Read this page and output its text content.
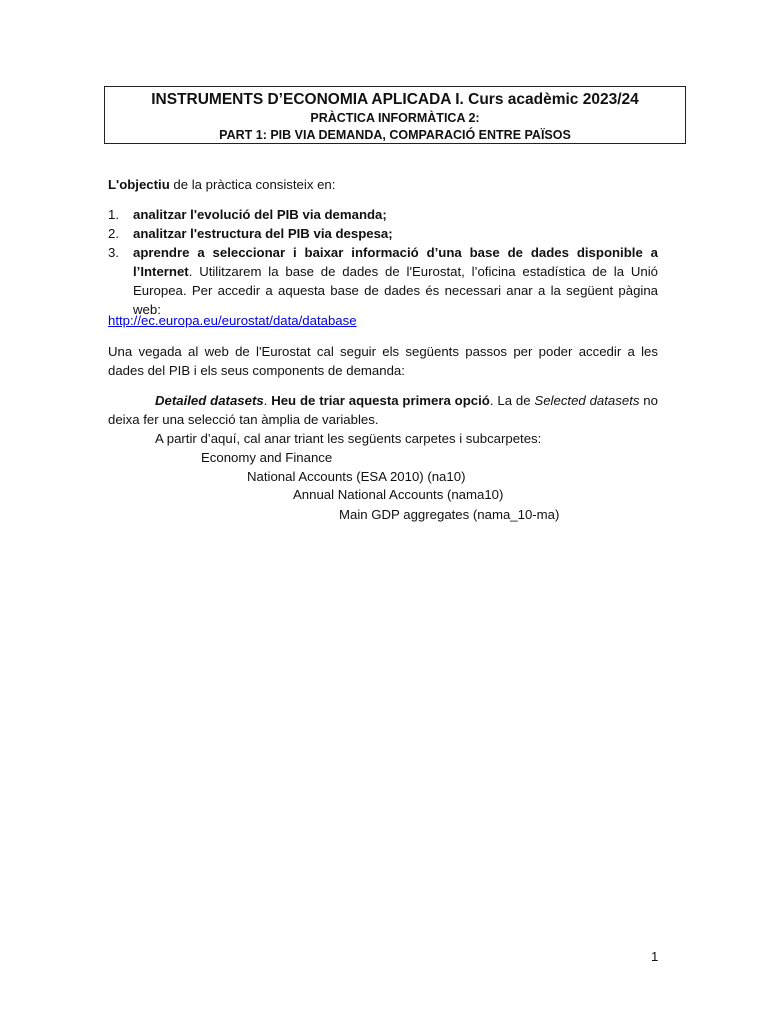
INSTRUMENTS D’ECONOMIA APLICADA I. Curs acadèmic 2023/24
PRÀCTICA INFORMÀTICA 2:
PART 1: PIB VIA DEMANDA, COMPARACIÓ ENTRE PAÏSOS
L'objectiu de la pràctica consisteix en:
1. analitzar l'evolució del PIB via demanda;
2. analitzar l'estructura del PIB via despesa;
3. aprendre a seleccionar i baixar informació d’una base de dades disponible a l’Internet. Utilitzarem la base de dades de l'Eurostat, l’oficina estadística de la Unió Europea. Per accedir a aquesta base de dades és necessari anar a la següent pàgina web:
http://ec.europa.eu/eurostat/data/database
Una vegada al web de l'Eurostat cal seguir els següents passos per poder accedir a les dades del PIB i els seus components de demanda:
Detailed datasets. Heu de triar aquesta primera opció. La de Selected datasets no deixa fer una selecció tan àmplia de variables.
A partir d’aquí, cal anar triant les següents carpetes i subcarpetes:
Economy and Finance
National Accounts (ESA 2010) (na10)
Annual National Accounts (nama10)
Main GDP aggregates (nama_10-ma)
1
